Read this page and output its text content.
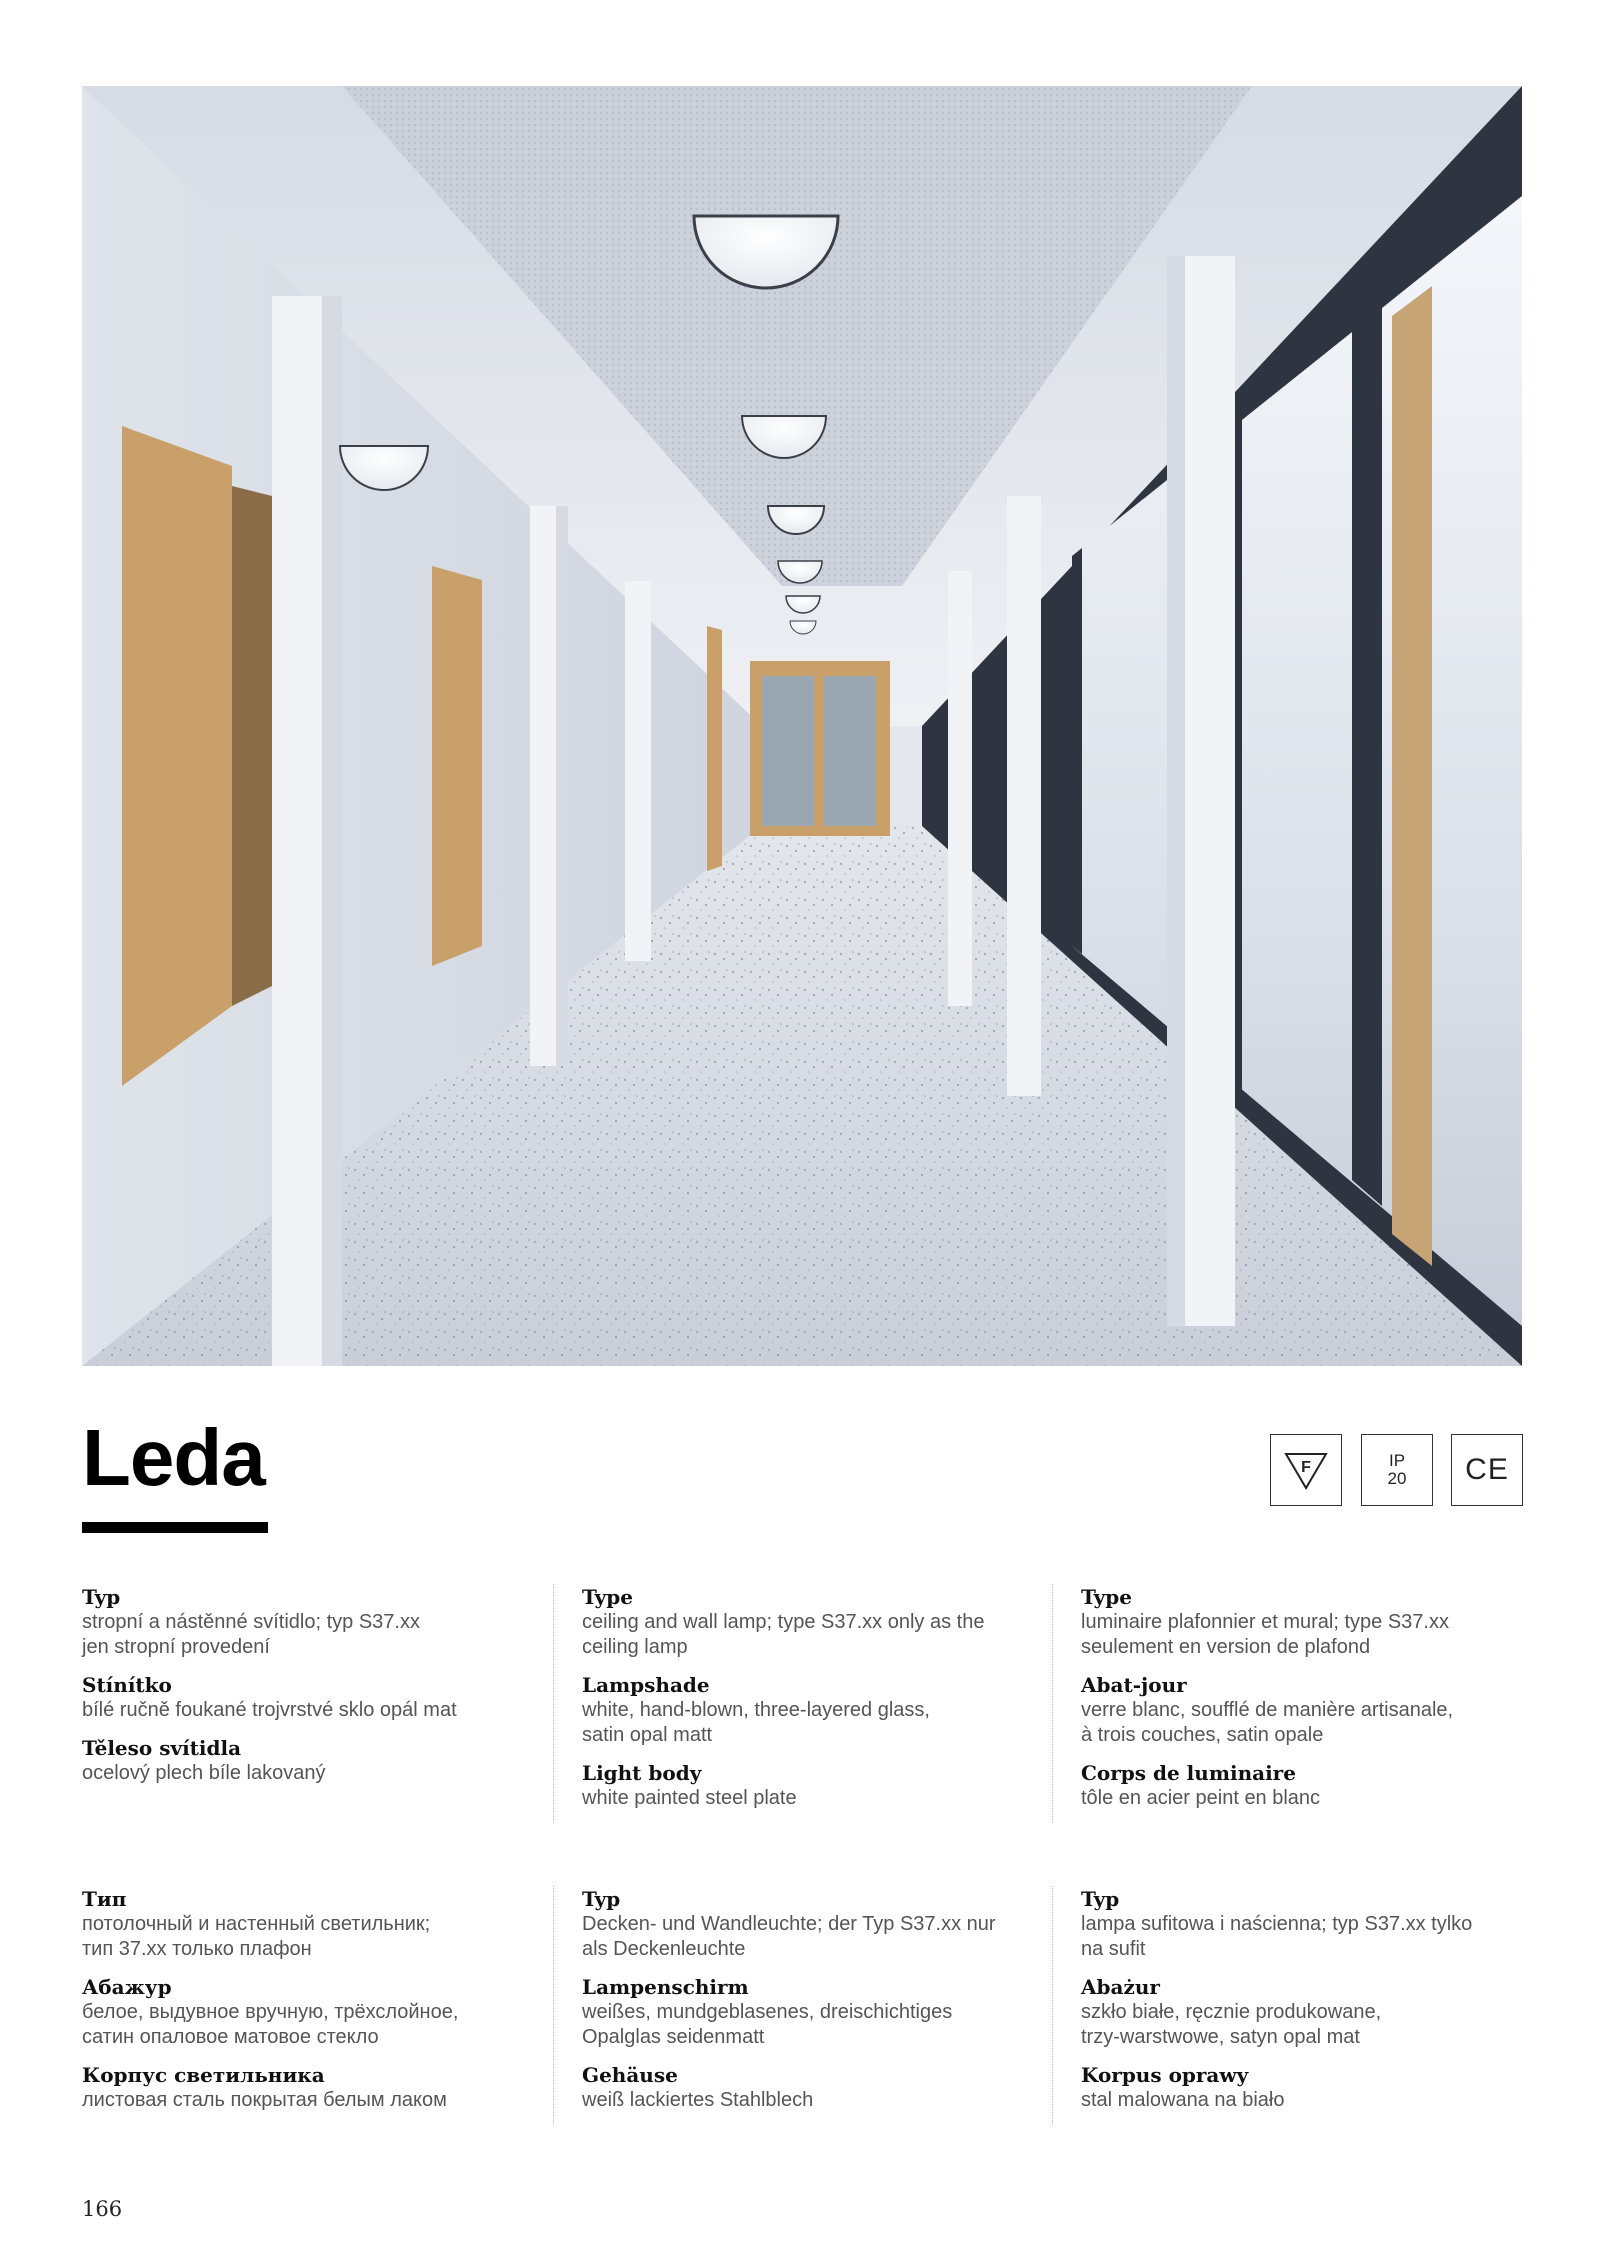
Leda	F	IP
20 CE
Typ
stropní a nástěnné svítidlo; typ S37.xx
jen stropní provedení
Stínítko
bílé ručně foukané trojvrstvé sklo opál mat
Těleso svítidla
ocelový plech bíle lakovaný
Type
ceiling and wall lamp; type S37.xx only as the
ceiling lamp
Lampshade
white, hand-blown, three-layered glass,
satin opal matt
Light body
white painted steel plate
Type
luminaire plafonnier et mural; type S37.xx
seulement en version de plafond
Abat-jour
verre blanc, soufflé de manière artisanale,
à trois couches, satin opale
Corps de luminaire
tôle en acier peint en blanc
Тип
потолочный и настенный светильник;
тип 37.xx только плафон
Абажур
белое, выдувное вручную, трёхслойное,
сатин опаловое матовое стекло
Корпус светильника
листовая сталь покрытая белым лаком
Typ
Decken- und Wandleuchte; der Typ S37.xx nur
als Deckenleuchte
Lampenschirm
weißes, mundgeblasenes, dreischichtiges
Opalglas seidenmatt
Gehäuse
weiß lackiertes Stahlblech
Typ
lampa sufitowa i naścienna; typ S37.xx tylko
na sufit
Abażur
szkło białe, ręcznie produkowane,
trzy-warstwowe, satyn opal mat
Korpus oprawy
stal malowana na biało
166
